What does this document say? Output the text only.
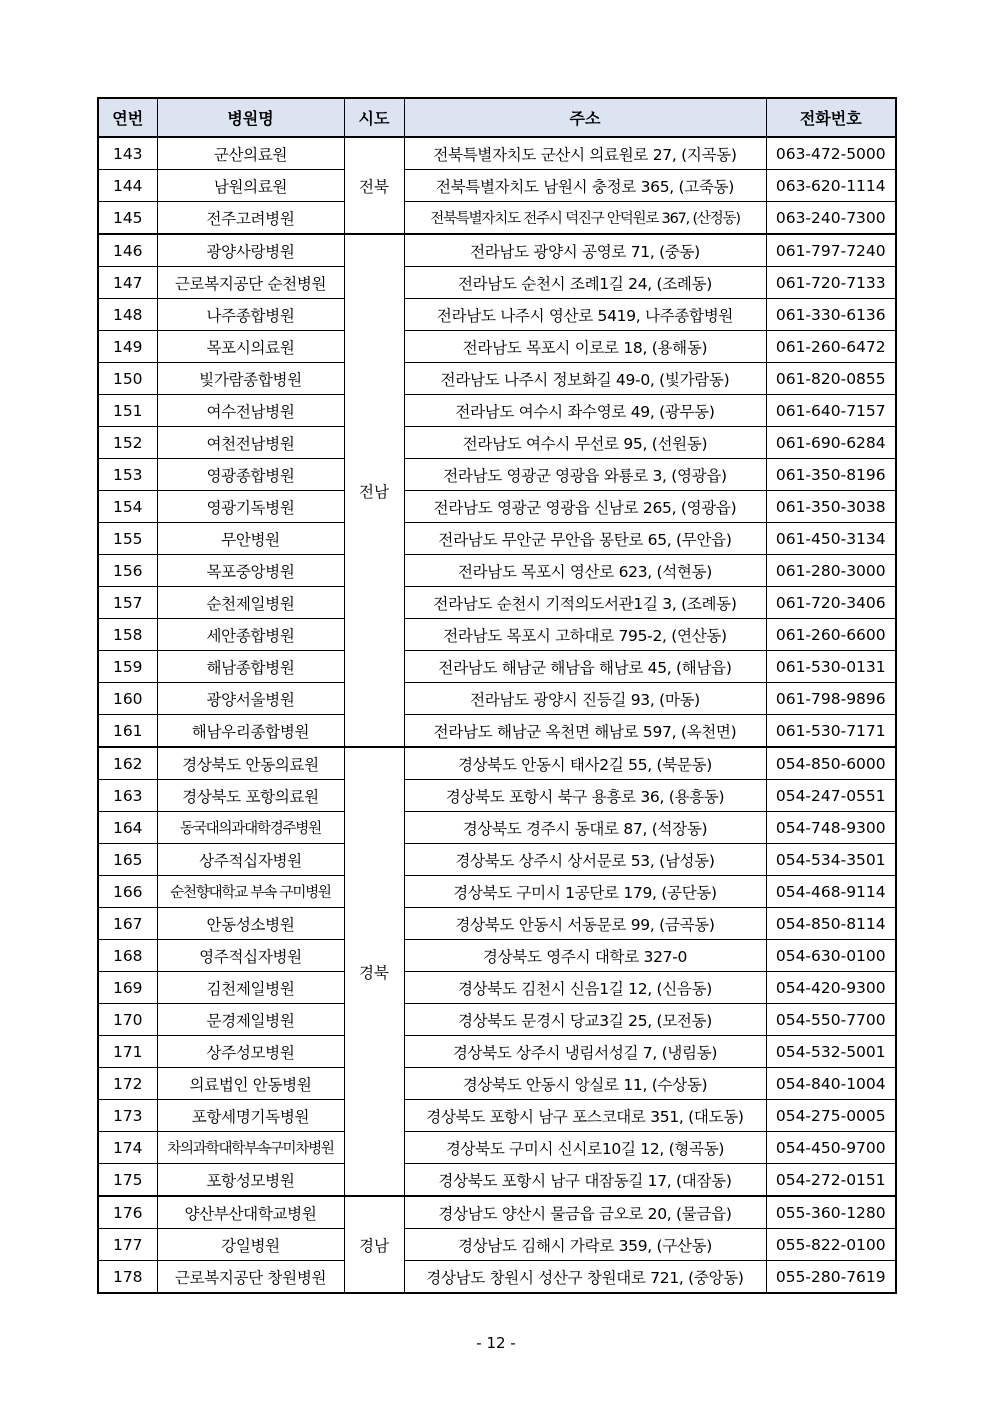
연번	병원명	시도	주소	전화번호
143	군산의료원	전북	전북특별자치도 군산시 의료원로 27, (지곡동)	063-472-5000
144	남원의료원		전북특별자치도 남원시 충정로 365, (고죽동)	063-620-1114
145	전주고려병원		전북특별자치도 전주시 덕진구 안덕원로 367, (산정동)	063-240-7300
146	광양사랑병원	전남	전라남도 광양시 공영로 71, (중동)	061-797-7240
147	근로복지공단 순천병원		전라남도 순천시 조례1길 24, (조례동)	061-720-7133
148	나주종합병원		전라남도 나주시 영산로 5419, 나주종합병원	061-330-6136
149	목포시의료원		전라남도 목포시 이로로 18, (용해동)	061-260-6472
150	빛가람종합병원		전라남도 나주시 정보화길 49-0, (빛가람동)	061-820-0855
151	여수전남병원		전라남도 여수시 좌수영로 49, (광무동)	061-640-7157
152	여천전남병원		전라남도 여수시 무선로 95, (선원동)	061-690-6284
153	영광종합병원		전라남도 영광군 영광읍 와룡로 3, (영광읍)	061-350-8196
154	영광기독병원		전라남도 영광군 영광읍 신남로 265, (영광읍)	061-350-3038
155	무안병원		전라남도 무안군 무안읍 몽탄로 65, (무안읍)	061-450-3134
156	목포중앙병원		전라남도 목포시 영산로 623, (석현동)	061-280-3000
157	순천제일병원		전라남도 순천시 기적의도서관1길 3, (조례동)	061-720-3406
158	세안종합병원		전라남도 목포시 고하대로 795-2, (연산동)	061-260-6600
159	해남종합병원		전라남도 해남군 해남읍 해남로 45, (해남읍)	061-530-0131
160	광양서울병원		전라남도 광양시 진등길 93, (마동)	061-798-9896
161	해남우리종합병원		전라남도 해남군 옥천면 해남로 597, (옥천면)	061-530-7171
162	경상북도 안동의료원	경북	경상북도 안동시 태사2길 55, (북문동)	054-850-6000
163	경상북도 포항의료원		경상북도 포항시 북구 용흥로 36, (용흥동)	054-247-0551
164	동국대의과대학경주병원		경상북도 경주시 동대로 87, (석장동)	054-748-9300
165	상주적십자병원		경상북도 상주시 상서문로 53, (남성동)	054-534-3501
166	순천향대학교 부속 구미병원		경상북도 구미시 1공단로 179, (공단동)	054-468-9114
167	안동성소병원		경상북도 안동시 서동문로 99, (금곡동)	054-850-8114
168	영주적십자병원		경상북도 영주시 대학로 327-0	054-630-0100
169	김천제일병원		경상북도 김천시 신음1길 12, (신음동)	054-420-9300
170	문경제일병원		경상북도 문경시 당교3길 25, (모전동)	054-550-7700
171	상주성모병원		경상북도 상주시 냉림서성길 7, (냉림동)	054-532-5001
172	의료법인 안동병원		경상북도 안동시 앙실로 11, (수상동)	054-840-1004
173	포항세명기독병원		경상북도 포항시 남구 포스코대로 351, (대도동)	054-275-0005
174	차의과학대학부속구미차병원		경상북도 구미시 신시로10길 12, (형곡동)	054-450-9700
175	포항성모병원		경상북도 포항시 남구 대잠동길 17, (대잠동)	054-272-0151
176	양산부산대학교병원	경남	경상남도 양산시 물금읍 금오로 20, (물금읍)	055-360-1280
177	강일병원		경상남도 김해시 가락로 359, (구산동)	055-822-0100
178	근로복지공단 창원병원		경상남도 창원시 성산구 창원대로 721, (중앙동)	055-280-7619
- 12 -
